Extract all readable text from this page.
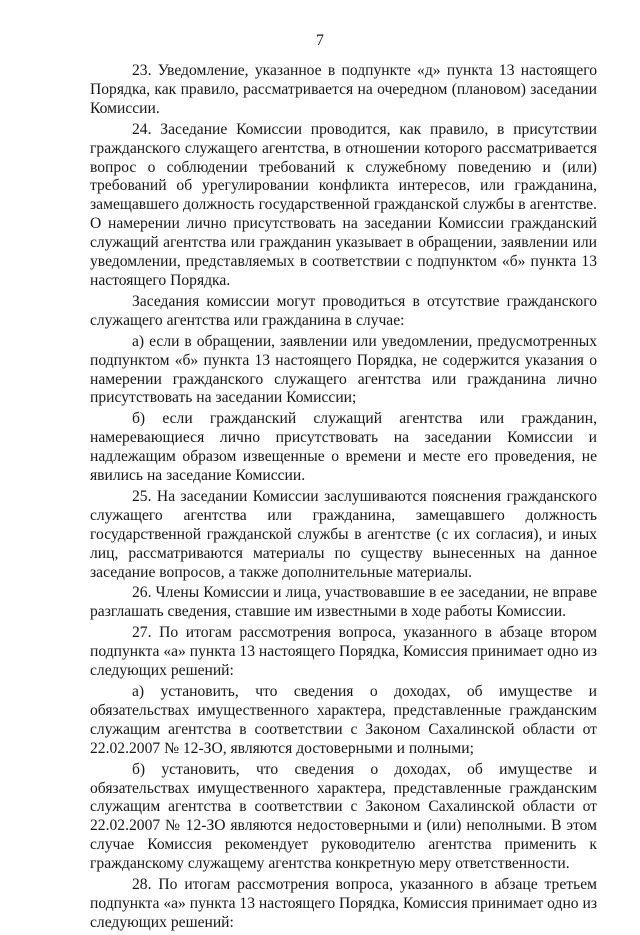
7

23. Уведомление, указанное в подпункте «д» пункта 13 настоящего Порядка, как правило, рассматривается на очередном (плановом) заседании Комиссии.

24. Заседание Комиссии проводится, как правило, в присутствии гражданского служащего агентства, в отношении которого рассматривается вопрос о соблюдении требований к служебному поведению и (или) требований об урегулировании конфликта интересов, или гражданина, замещавшего должность государственной гражданской службы в агентстве. О намерении лично присутствовать на заседании Комиссии гражданский служащий агентства или гражданин указывает в обращении, заявлении или уведомлении, представляемых в соответствии с подпунктом «б» пункта 13 настоящего Порядка.

Заседания комиссии могут проводиться в отсутствие гражданского служащего агентства или гражданина в случае:

а) если в обращении, заявлении или уведомлении, предусмотренных подпунктом «б» пункта 13 настоящего Порядка, не содержится указания о намерении гражданского служащего агентства или гражданина лично присутствовать на заседании Комиссии;

б) если гражданский служащий агентства или гражданин, намеревающиеся лично присутствовать на заседании Комиссии и надлежащим образом извещенные о времени и месте его проведения, не явились на заседание Комиссии.

25. На заседании Комиссии заслушиваются пояснения гражданского служащего агентства или гражданина, замещавшего должность государственной гражданской службы в агентстве (с их согласия), и иных лиц, рассматриваются материалы по существу вынесенных на данное заседание вопросов, а также дополнительные материалы.

26. Члены Комиссии и лица, участвовавшие в ее заседании, не вправе разглашать сведения, ставшие им известными в ходе работы Комиссии.

27. По итогам рассмотрения вопроса, указанного в абзаце втором подпункта «а» пункта 13 настоящего Порядка, Комиссия принимает одно из следующих решений:

а) установить, что сведения о доходах, об имуществе и обязательствах имущественного характера, представленные гражданским служащим агентства в соответствии с Законом Сахалинской области от 22.02.2007 № 12-ЗО, являются достоверными и полными;

б) установить, что сведения о доходах, об имуществе и обязательствах имущественного характера, представленные гражданским служащим агентства в соответствии с Законом Сахалинской области от 22.02.2007 № 12-ЗО являются недостоверными и (или) неполными. В этом случае Комиссия рекомендует руководителю агентства применить к гражданскому служащему агентства конкретную меру ответственности.

28. По итогам рассмотрения вопроса, указанного в абзаце третьем подпункта «а» пункта 13 настоящего Порядка, Комиссия принимает одно из следующих решений:
